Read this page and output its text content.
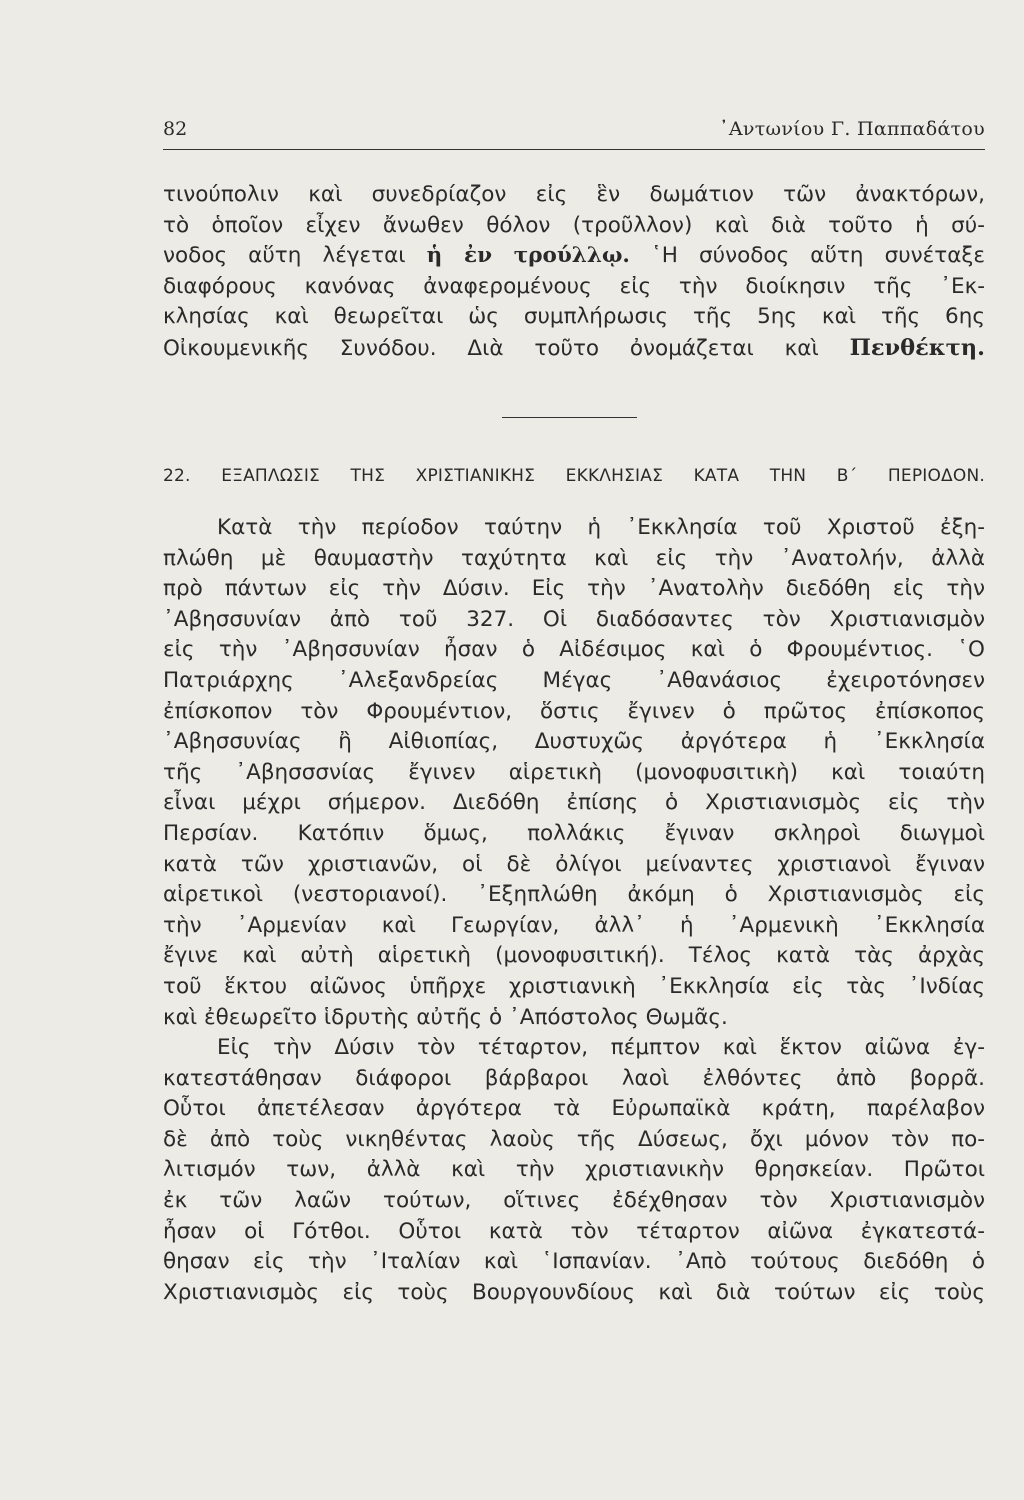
82	᾿Αντωνίου Γ. Παππαδάτου
τινούπολιν καὶ συνεδρίαζον εἰς ἓν δωμάτιον τῶν ἀνακτόρων,
τὸ ὁποῖον εἶχεν ἄνωθεν θόλον (τροῦλλον) καὶ διὰ τοῦτο ἡ σύ-
νοδος αὕτη λέγεται ἡ ἐν τρούλλῳ. ῾Η σύνοδος αὕτη συνέταξε
διαφόρους κανόνας ἀναφερομένους εἰς τὴν διοίκησιν τῆς ᾿Εκ-
κλησίας καὶ θεωρεῖται ὡς συμπλήρωσις τῆς 5ης καὶ τῆς 6ης
Οἰκουμενικῆς Συνόδου. Διὰ τοῦτο ὀνομάζεται καὶ Πενθέκτη.
22. ΕΞΑΠΛΩΣΙΣ ΤΗΣ ΧΡΙΣΤΙΑΝΙΚΗΣ ΕΚΚΛΗΣΙΑΣ ΚΑΤΑ ΤΗΝ Β΄ ΠΕΡΙΟΔΟΝ.
Κατὰ τὴν περίοδον ταύτην ἡ ᾿Εκκλησία τοῦ Χριστοῦ ἐξη-
πλώθη μὲ θαυμαστὴν ταχύτητα καὶ εἰς τὴν ᾿Ανατολήν, ἀλλὰ
πρὸ πάντων εἰς τὴν Δύσιν. Εἰς τὴν ᾿Ανατολὴν διεδόθη εἰς τὴν
᾿Αβησσυνίαν ἀπὸ τοῦ 327. Οἱ διαδόσαντες τὸν Χριστιανισμὸν
εἰς τὴν ᾿Αβησσυνίαν ἦσαν ὁ Αἰδέσιμος καὶ ὁ Φρουμέντιος. ῾Ο
Πατριάρχης ᾿Αλεξανδρείας Μέγας ᾿Αθανάσιος ἐχειροτόνησεν
ἐπίσκοπον τὸν Φρουμέντιον, ὅστις ἔγινεν ὁ πρῶτος ἐπίσκοπος
᾿Αβησσυνίας ἢ Αἰθιοπίας, Δυστυχῶς ἀργότερα ἡ ᾿Εκκλησία
τῆς ᾿Αβησσσνίας ἔγινεν αἱρετικὴ (μονοφυσιτικὴ) καὶ τοιαύτη
εἶναι μέχρι σήμερον. Διεδόθη ἐπίσης ὁ Χριστιανισμὸς εἰς τὴν
Περσίαν. Κατόπιν ὅμως, πολλάκις ἔγιναν σκληροὶ διωγμοὶ
κατὰ τῶν χριστιανῶν, οἱ δὲ ὀλίγοι μείναντες χριστιανοὶ ἔγιναν
αἱρετικοὶ (νεστοριανοί). ᾿Εξηπλώθη ἀκόμη ὁ Χριστιανισμὸς εἰς
τὴν ᾿Αρμενίαν καὶ Γεωργίαν, ἀλλ᾿ ἡ ᾿Αρμενικὴ ᾿Εκκλησία
ἔγινε καὶ αὐτὴ αἱρετικὴ (μονοφυσιτική). Τέλος κατὰ τὰς ἀρχὰς
τοῦ ἕκτου αἰῶνος ὑπῆρχε χριστιανικὴ ᾿Εκκλησία εἰς τὰς ᾿Ινδίας
καὶ ἐθεωρεῖτο ἱδρυτὴς αὐτῆς ὁ ᾿Απόστολος Θωμᾶς.
Εἰς τὴν Δύσιν τὸν τέταρτον, πέμπτον καὶ ἕκτον αἰῶνα ἐγ-
κατεστάθησαν διάφοροι βάρβαροι λαοὶ ἐλθόντες ἀπὸ βορρᾶ.
Οὗτοι ἀπετέλεσαν ἀργότερα τὰ Εὐρωπαϊκὰ κράτη, παρέλαβον
δὲ ἀπὸ τοὺς νικηθέντας λαοὺς τῆς Δύσεως, ὄχι μόνον τὸν πο-
λιτισμόν των, ἀλλὰ καὶ τὴν χριστιανικὴν θρησκείαν. Πρῶτοι
ἐκ τῶν λαῶν τούτων, οἵτινες ἐδέχθησαν τὸν Χριστιανισμὸν
ἦσαν οἱ Γότθοι. Οὗτοι κατὰ τὸν τέταρτον αἰῶνα ἐγκατεστά-
θησαν εἰς τὴν ᾿Ιταλίαν καὶ ῾Ισπανίαν. ᾿Απὸ τούτους διεδόθη ὁ
Χριστιανισμὸς εἰς τοὺς Βουργουνδίους καὶ διὰ τούτων εἰς τοὺς
